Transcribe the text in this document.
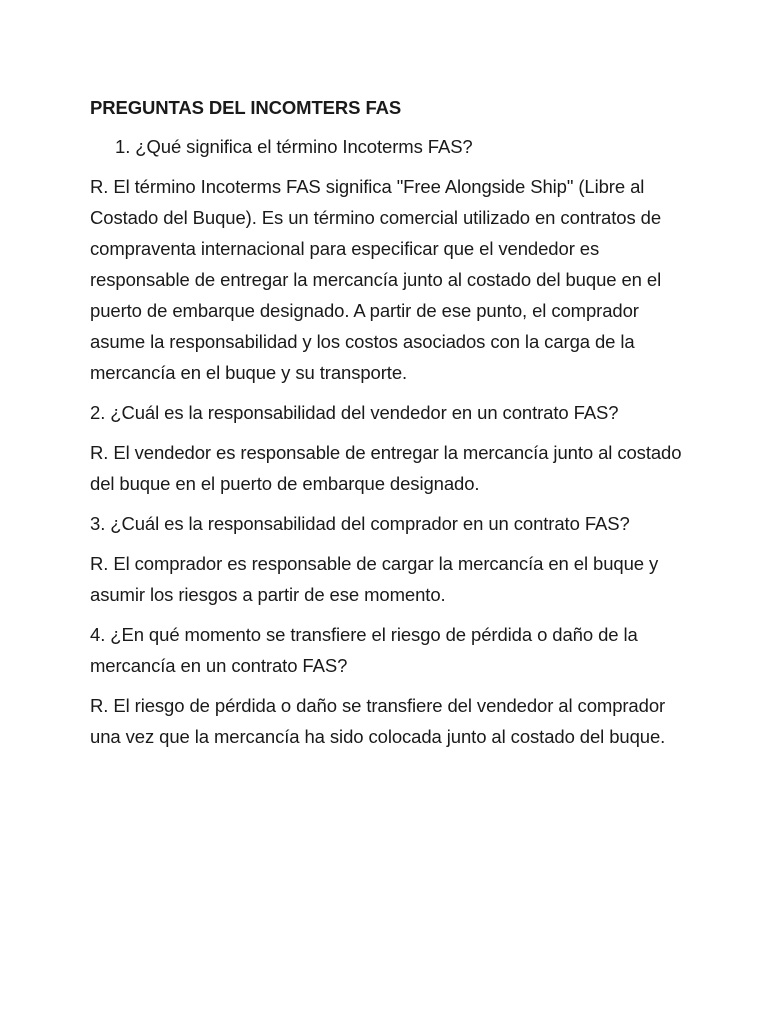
PREGUNTAS DEL INCOMTERS FAS

1. ¿Qué significa el término Incoterms FAS?

R. El término Incoterms FAS significa "Free Alongside Ship" (Libre al Costado del Buque). Es un término comercial utilizado en contratos de compraventa internacional para especificar que el vendedor es responsable de entregar la mercancía junto al costado del buque en el puerto de embarque designado. A partir de ese punto, el comprador asume la responsabilidad y los costos asociados con la carga de la mercancía en el buque y su transporte.

2. ¿Cuál es la responsabilidad del vendedor en un contrato FAS?

R. El vendedor es responsable de entregar la mercancía junto al costado del buque en el puerto de embarque designado.

3. ¿Cuál es la responsabilidad del comprador en un contrato FAS?

R. El comprador es responsable de cargar la mercancía en el buque y asumir los riesgos a partir de ese momento.

4. ¿En qué momento se transfiere el riesgo de pérdida o daño de la mercancía en un contrato FAS?

R. El riesgo de pérdida o daño se transfiere del vendedor al comprador una vez que la mercancía ha sido colocada junto al costado del buque.
